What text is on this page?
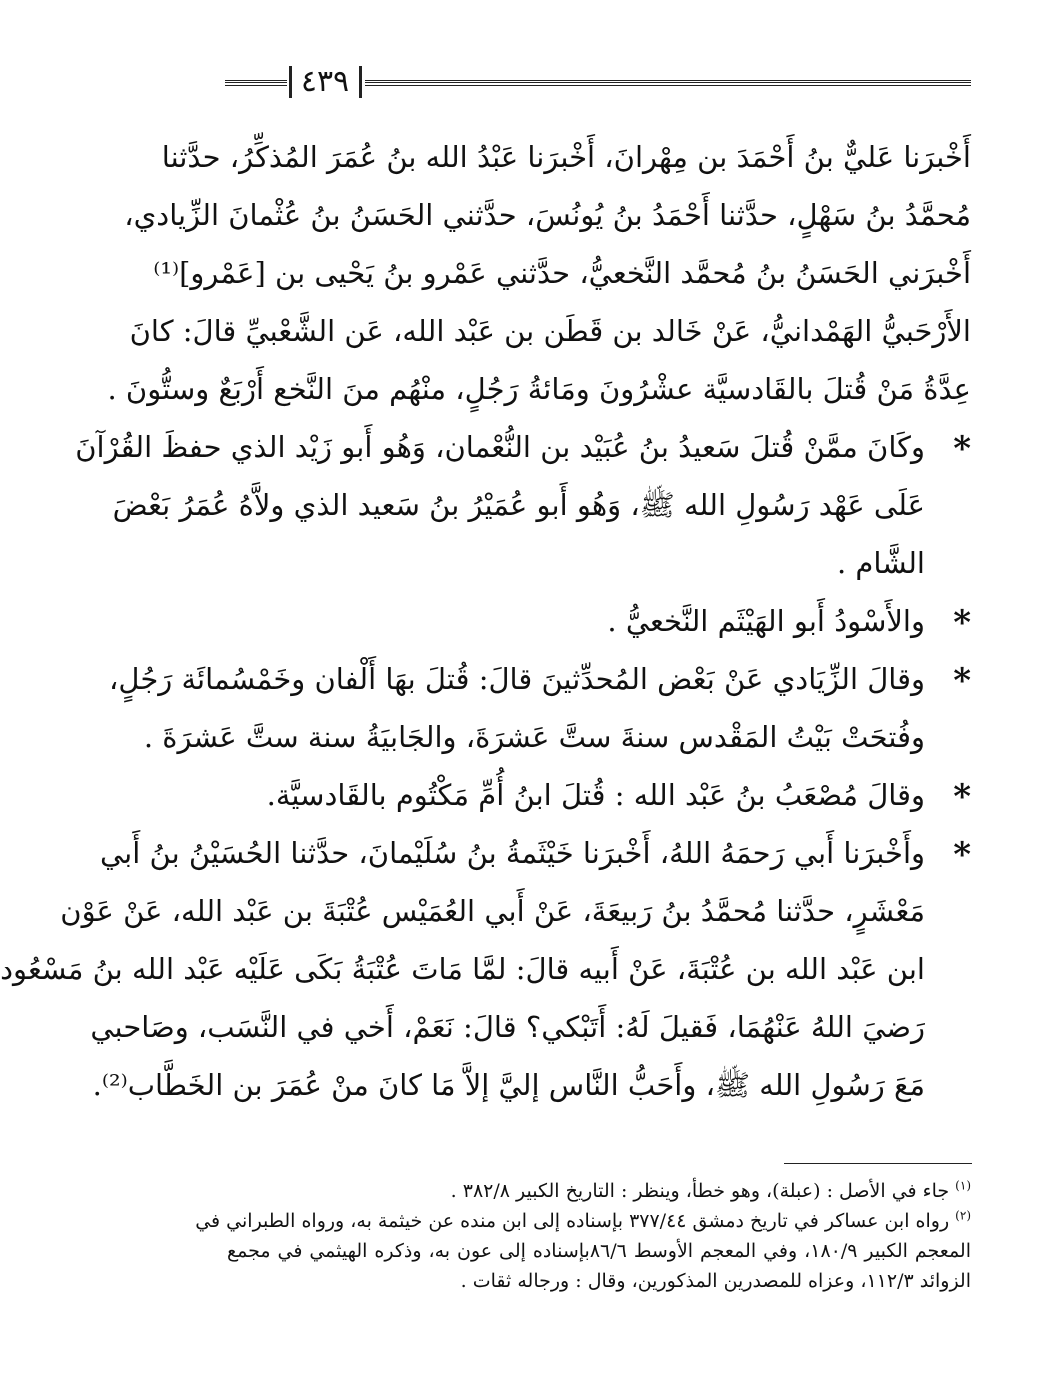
٤٣٩
أَخْبرَنا عَليٌّ بنُ أَحْمَدَ بن مِهْرانَ، أَخْبرَنا عَبْدُ الله بنُ عُمَرَ المُذكِّرُ، حدَّثنا
مُحمَّدُ بنُ سَهْلٍ، حدَّثنا أَحْمَدُ بنُ يُونُسَ، حدَّثني الحَسَنُ بنُ عُثْمانَ الزِّيادي،
أَخْبرَني الحَسَنُ بنُ مُحمَّد النَّخعيُّ، حدَّثني عَمْرو بنُ يَحْيى بن [عَمْرو]⁽¹⁾
الأَرْحَبيُّ الهَمْدانيُّ، عَنْ خَالد بن قَطَن بن عَبْد الله، عَن الشَّعْبيِّ قالَ: كانَ
عِدَّةُ مَنْ قُتلَ بالقَادسيَّة عشْرُونَ ومَائةُ رَجُلٍ، منْهُم منَ النَّخع أَرْبَعٌ وستُّونَ .
*
وكَانَ ممَّنْ قُتلَ سَعيدُ بنُ عُبَيْد بن النُّعْمان، وَهُو أَبو زَيْد الذي حفظَ القُرْآنَ
عَلَى عَهْد رَسُولِ الله ﷺ، وَهُو أَبو عُمَيْرُ بنُ سَعيد الذي ولاَّهُ عُمَرُ بَعْضَ
الشَّام .
*
والأَسْودُ أَبو الهَيْثَم النَّخعيُّ .
*
وقالَ الزِّيَادي عَنْ بَعْض المُحدِّثينَ قالَ: قُتلَ بهَا أَلْفان وخَمْسُمائَة رَجُلٍ،
وفُتحَتْ بَيْتُ المَقْدس سنةَ ستَّ عَشرَةَ، والجَابيَةُ سنة ستَّ عَشرَةَ .
*
وقالَ مُصْعَبُ بنُ عَبْد الله : قُتلَ ابنُ أُمِّ مَكْتُوم بالقَادسيَّة.
*
وأَخْبرَنا أَبي رَحمَهُ اللهُ، أَخْبرَنا خَيْثَمةُ بنُ سُلَيْمانَ، حدَّثنا الحُسَيْنُ بنُ أَبي
مَعْشَرٍ، حدَّثنا مُحمَّدُ بنُ رَبيعَةَ، عَنْ أَبي العُمَيْس عُتْبَةَ بن عَبْد الله، عَنْ عَوْن
ابن عَبْد الله بن عُتْبَةَ، عَنْ أَبيه قالَ: لمَّا مَاتَ عُتْبَةُ بَكَى عَلَيْه عَبْد الله بنُ مَسْعُود
رَضيَ اللهُ عَنْهُمَا، فَقيلَ لَهُ: أَتَبْكي؟ قالَ: نَعَمْ، أَخي في النَّسَب، وصَاحبي
مَعَ رَسُولِ الله ﷺ، وأَحَبُّ النَّاس إليَّ إلاَّ مَا كانَ منْ عُمَرَ بن الخَطَّاب⁽²⁾.
$^{(١)}$ جاء في الأصل : (عبلة)، وهو خطأ، وينظر : التاريخ الكبير ٣٨٢/٨ .
$^{(٢)}$ رواه ابن عساكر في تاريخ دمشق ٣٧٧/٤٤ بإسناده إلى ابن منده عن خيثمة به، ورواه الطبراني في
المعجم الكبير ١٨٠/٩، وفي المعجم الأوسط ٨٦/٦بإسناده إلى عون به، وذكره الهيثمي في مجمع
الزوائد ١١٢/٣، وعزاه للمصدرين المذكورين، وقال : ورجاله ثقات .
